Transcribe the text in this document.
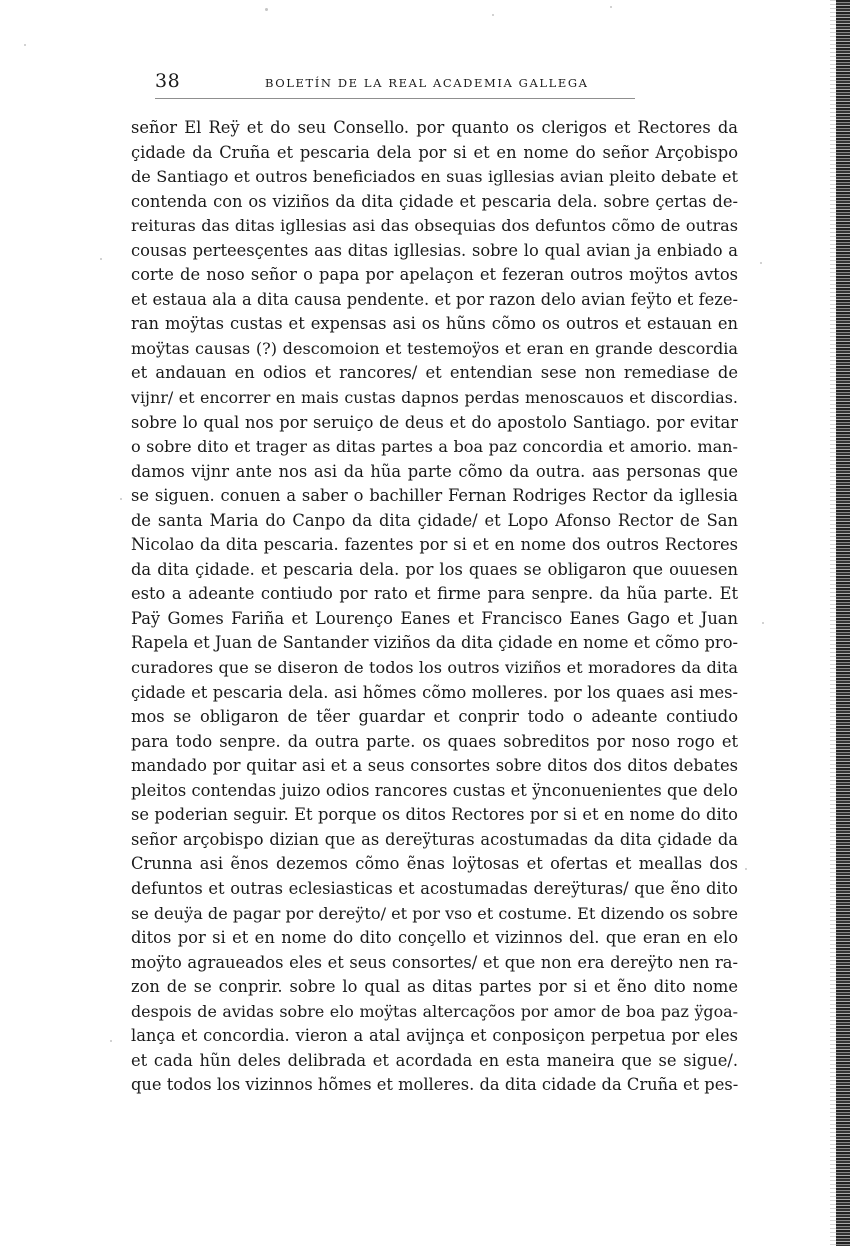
38	BOLETÍN DE LA REAL ACADEMIA GALLEGA
señor El Reÿ et do seu Consello. por quanto os clerigos et Rectores da
çidade da Cruña et pescaria dela por si et en nome do señor Arçobispo
de Santiago et outros beneficiados en suas igllesias avian pleito debate et
contenda con os viziños da dita çidade et pescaria dela. sobre çertas de-
reituras das ditas igllesias asi das obsequias dos defuntos cõmo de outras
cousas perteesçentes aas ditas igllesias. sobre lo qual avian ja enbiado a
corte de noso señor o papa por apelaçon et fezeran outros moÿtos avtos
et estaua ala a dita causa pendente. et por razon delo avian feÿto et feze-
ran moÿtas custas et expensas asi os hũns cõmo os outros et estauan en
moÿtas causas (?) descomoion et testemoÿos et eran en grande descordia
et andauan en odios et rancores/ et entendian sese non remediase de
vijnr/ et encorrer en mais custas dapnos perdas menoscauos et discordias.
sobre lo qual nos por seruiço de deus et do apostolo Santiago. por evitar
o sobre dito et trager as ditas partes a boa paz concordia et amorio. man-
damos vijnr ante nos asi da hũa parte cõmo da outra. aas personas que
se siguen. conuen a saber o bachiller Fernan Rodriges Rector da igllesia
de santa Maria do Canpo da dita çidade/ et Lopo Afonso Rector de San
Nicolao da dita pescaria. fazentes por si et en nome dos outros Rectores
da dita çidade. et pescaria dela. por los quaes se obligaron que ouuesen
esto a adeante contiudo por rato et firme para senpre. da hũa parte. Et
Paÿ Gomes Fariña et Lourenço Eanes et Francisco Eanes Gago et Juan
Rapela et Juan de Santander viziños da dita çidade en nome et cõmo pro-
curadores que se diseron de todos los outros viziños et moradores da dita
çidade et pescaria dela. asi hõmes cõmo molleres. por los quaes asi mes-
mos se obligaron de tẽer guardar et conprir todo o adeante contiudo
para todo senpre. da outra parte. os quaes sobreditos por noso rogo et
mandado por quitar asi et a seus consortes sobre ditos dos ditos debates
pleitos contendas juizo odios rancores custas et ÿnconuenientes que delo
se poderian seguir. Et porque os ditos Rectores por si et en nome do dito
señor arçobispo dizian que as dereÿturas acostumadas da dita çidade da
Crunna asi ẽnos dezemos cõmo ẽnas loÿtosas et ofertas et meallas dos
defuntos et outras eclesiasticas et acostumadas dereÿturas/ que ẽno dito
se deuÿa de pagar por dereÿto/ et por vso et costume. Et dizendo os sobre
ditos por si et en nome do dito conçello et vizinnos del. que eran en elo
moÿto agraueados eles et seus consortes/ et que non era dereÿto nen ra-
zon de se conprir. sobre lo qual as ditas partes por si et ẽno dito nome
despois de avidas sobre elo moÿtas altercaçõos por amor de boa paz ÿgoa-
lança et concordia. vieron a atal avijnça et conposiçon perpetua por eles
et cada hũn deles delibrada et acordada en esta maneira que se sigue/.
que todos los vizinnos hõmes et molleres. da dita cidade da Cruña et pes-
